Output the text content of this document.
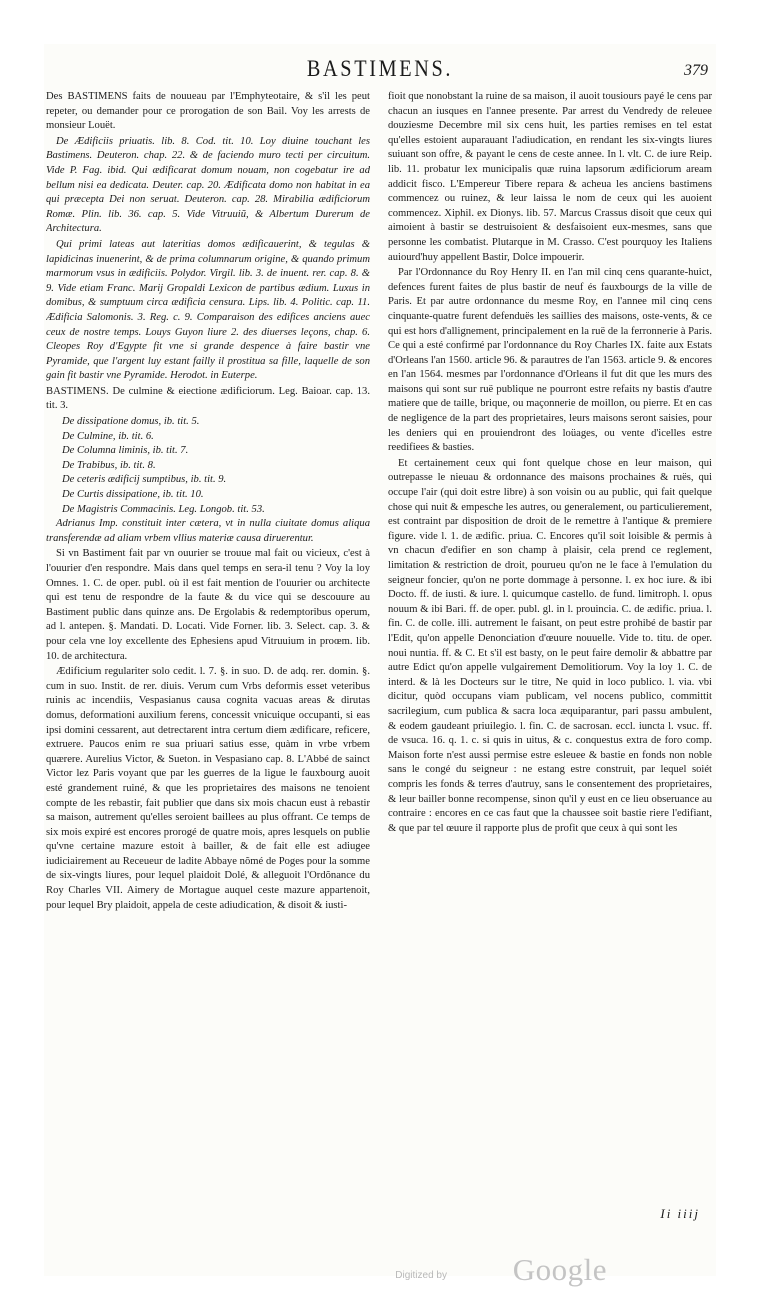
BASTIMENS.	379

Des BASTIMENS faits de nouueau par l'Emphyteotaire, & s'il les peut repeter, ou demander pour ce prorogation de son Bail. Voy les arrests de monsieur Louët.

De Ædificiis priuatis. lib. 8. Cod. tit. 10. Loy diuine touchant les Bastimens. Deuteron. chap. 22. & de faciendo muro tecti per circuitum. Vide P. Fag. ibid. Qui ædificarat domum nouam, non cogebatur ire ad bellum nisi ea dedicata. Deuter. cap. 20. Ædificata domo non habitat in ea qui præcepta Dei non seruat. Deuteron. cap. 28. Mirabilia ædificiorum Romæ. Plin. lib. 36. cap. 5. Vide Vitruuiũ, & Albertum Durerum de Architectura.

Qui primi lateas aut lateritias domos ædificauerint, & tegulas & lapidicinas inuenerint, & de prima columnarum origine, & quando primum marmorum vsus in ædificiis. Polydor. Virgil. lib. 3. de inuent. rer. cap. 8. & 9. Vide etiam Franc. Marij Gropaldi Lexicon de partibus ædium. Luxus in domibus, & sumptuum circa ædificia censura. Lips. lib. 4. Politic. cap. 11. Ædificia Salomonis. 3. Reg. c. 9. Comparaison des edifices anciens auec ceux de nostre temps. Louys Guyon liure 2. des diuerses leçons, chap. 6. Cleopes Roy d'Egypte fit vne si grande despence à faire bastir vne Pyramide, que l'argent luy estant failly il prostitua sa fille, laquelle de son gain fit bastir vne Pyramide. Herodot. in Euterpe.

BASTIMENS. De culmine & eiectione ædificiorum. Leg. Baioar. cap. 13. tit. 3.

De dissipatione domus, ib. tit. 5.

De Culmine, ib. tit. 6.

De Columna liminis, ib. tit. 7.

De Trabibus, ib. tit. 8.

De ceteris ædificij sumptibus, ib. tit. 9.

De Curtis dissipatione, ib. tit. 10.

De Magistris Commacinis. Leg. Longob. tit. 53.

Adrianus Imp. constituit inter cætera, vt in nulla ciuitate domus aliqua transferendæ ad aliam vrbem vllius materiæ causa diruerentur.

Si vn Bastiment fait par vn ouurier se trouue mal fait ou vicieux, c'est à l'ouurier d'en respondre. Mais dans quel temps en sera-il tenu ? Voy la loy Omnes. 1. C. de oper. publ. où il est fait mention de l'ouurier ou architecte qui est tenu de respondre de la faute & du vice qui se descouure au Bastiment public dans quinze ans. De Ergolabis & redemptoribus operum, ad l. antepen. §. Mandati. D. Locati. Vide Forner. lib. 3. Select. cap. 3. & pour cela vne loy excellente des Ephesiens apud Vitruuium in proœm. lib. 10. de architectura.

Ædificium regulariter solo cedit. l. 7. §. in suo. D. de adq. rer. domin. §. cum in suo. Instit. de rer. diuis. Verum cum Vrbs deformis esset veteribus ruinis ac incendiis, Vespasianus causa cognita vacuas areas & dirutas domus, deformationi auxilium ferens, concessit vnicuique occupanti, si eas ipsi domini cessarent, aut detrectarent intra certum diem ædificare, reficere, extruere. Paucos enim re sua priuari satius esse, quàm in vrbe vrbem quærere. Aurelius Victor, & Sueton. in Vespasiano cap. 8. L'Abbé de sainct Victor lez Paris voyant que par les guerres de la ligue le fauxbourg auoit esté grandement ruiné, & que les proprietaires des maisons ne tenoient compte de les rebastir, fait publier que dans six mois chacun eust à rebastir sa maison, autrement qu'elles seroient baillees au plus offrant. Ce temps de six mois expiré est encores prorogé de quatre mois, apres lesquels on publie qu'vne certaine mazure estoit à bailler, & de fait elle est adiugee iudiciairement au Receueur de ladite Abbaye nõmé de Poges pour la somme de six-vingts liures, pour lequel plaidoit Dolé, & alleguoit l'Ordõnance du Roy Charles VII. Aimery de Mortague auquel ceste mazure appartenoit, pour lequel Bry plaidoit, appela de ceste adiudication, & disoit & iusti-

fioit que nonobstant la ruine de sa maison, il auoit tousiours payé le cens par chacun an iusques en l'annee presente. Par arrest du Vendredy de releuee douziesme Decembre mil six cens huit, les parties remises en tel estat qu'elles estoient auparauant l'adiudication, en rendant les six-vingts liures suiuant son offre, & payant le cens de ceste annee. In l. vlt. C. de iure Reip. lib. 11. probatur lex municipalis quæ ruina lapsorum ædificiorum aream addicit fisco. L'Empereur Tibere repara & acheua les anciens bastimens commencez ou ruinez, & leur laissa le nom de ceux qui les auoient commencez. Xiphil. ex Dionys. lib. 57. Marcus Crassus disoit que ceux qui aimoient à bastir se destruisoient & desfaisoient eux-mesmes, sans que personne les combatist. Plutarque in M. Crasso. C'est pourquoy les Italiens auiourd'huy appellent Bastir, Dolce impouerir.

Par l'Ordonnance du Roy Henry II. en l'an mil cinq cens quarante-huict, defences furent faites de plus bastir de neuf és fauxbourgs de la ville de Paris. Et par autre ordonnance du mesme Roy, en l'annee mil cinq cens cinquante-quatre furent defenduës les saillies des maisons, oste-vents, & ce qui est hors d'allignement, principalement en la ruë de la ferronnerie à Paris. Ce qui a esté confirmé par l'ordonnance du Roy Charles IX. faite aux Estats d'Orleans l'an 1560. article 96. & parautres de l'an 1563. article 9. & encores en l'an 1564. mesmes par l'ordonnance d'Orleans il fut dit que les murs des maisons qui sont sur ruë publique ne pourront estre refaits ny bastis d'autre matiere que de taille, brique, ou maçonnerie de moillon, ou pierre. Et en cas de negligence de la part des proprietaires, leurs maisons seront saisies, pour les deniers qui en prouiendront des loüages, ou vente d'icelles estre reedifiees & basties.

Et certainement ceux qui font quelque chose en leur maison, qui outrepasse le nieuau & ordonnance des maisons prochaines & ruës, qui occupe l'air (qui doit estre libre) à son voisin ou au public, qui fait quelque chose qui nuit & empesche les autres, ou generalement, ou particulierement, est contraint par disposition de droit de le remettre à l'antique & premiere figure. vide l. 1. de ædific. priua. C. Encores qu'il soit loisible & permis à vn chacun d'edifier en son champ à plaisir, cela prend ce reglement, limitation & restriction de droit, pourueu qu'on ne le face à l'emulation du seigneur foncier, qu'on ne porte dommage à personne. l. ex hoc iure. & ibi Docto. ff. de iusti. & iure. l. quicumque castello. de fund. limitroph. l. opus nouum & ibi Bari. ff. de oper. publ. gl. in l. prouincia. C. de ædific. priua. l. fin. C. de colle. illi. autrement le faisant, on peut estre prohibé de bastir par l'Edit, qu'on appelle Denonciation d'œuure nouuelle. Vide to. titu. de oper. noui nuntia. ff. & C. Et s'il est basty, on le peut faire demolir & abbattre par autre Edict qu'on appelle vulgairement Demolitiorum. Voy la loy 1. C. de interd. & là les Docteurs sur le titre, Ne quid in loco publico. l. via. vbi dicitur, quòd occupans viam publicam, vel nocens publico, committit sacrilegium, cum publica & sacra loca æquiparantur, pari passu ambulent, & eodem gaudeant priuilegio. l. fin. C. de sacrosan. eccl. iuncta l. vsuc. ff. de vsuca. 16. q. 1. c. si quis in uitus, & c. conquestus extra de foro comp. Maison forte n'est aussi permise estre esleuee & bastie en fonds non noble sans le congé du seigneur : ne estang estre construit, par lequel soiét compris les fonds & terres d'autruy, sans le consentement des proprietaires, & leur bailler bonne recompense, sinon qu'il y eust en ce lieu obseruance au contraire : encores en ce cas faut que la chaussee soit bastie riere l'edifiant, & que par tel œuure il rapporte plus de profit que ceux à qui sont les

Ii iiij
Digitized by Google
